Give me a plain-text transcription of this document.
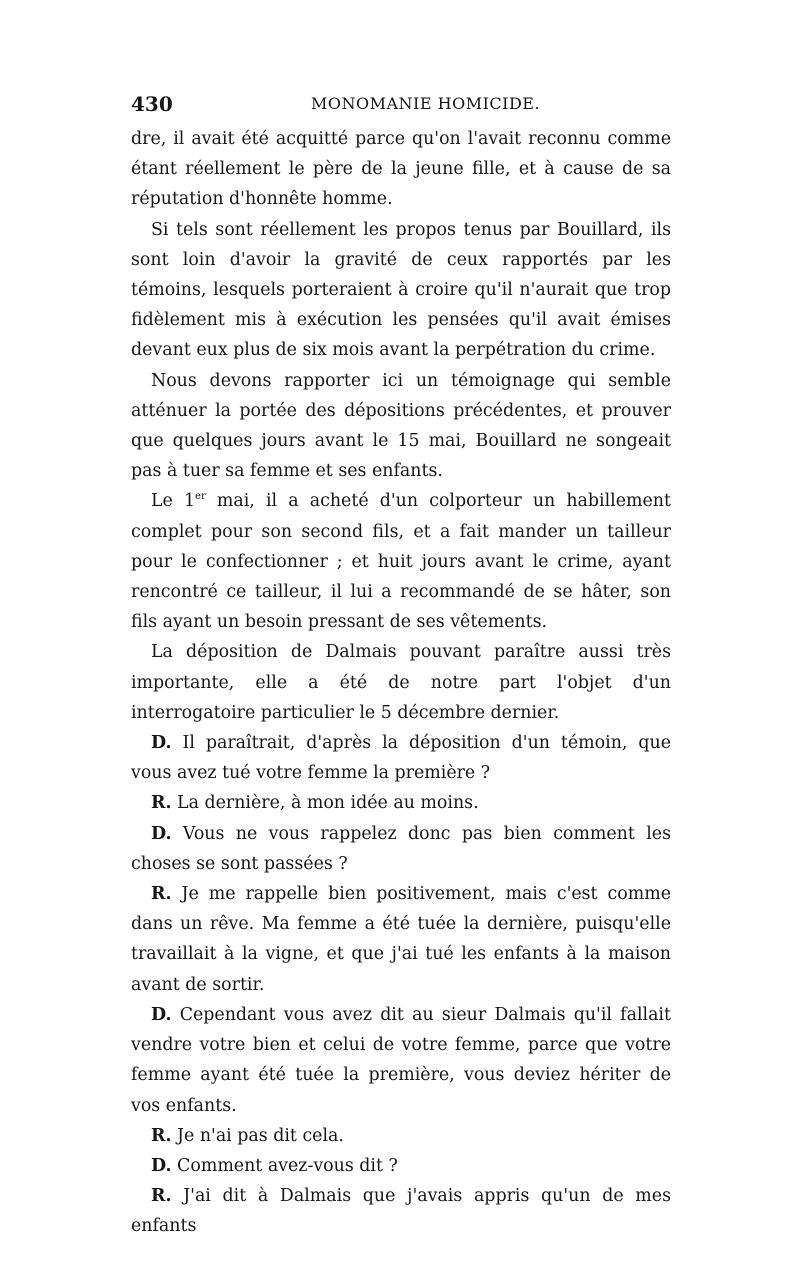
430	MONOMANIE HOMICIDE.

dre, il avait été acquitté parce qu'on l'avait reconnu comme étant réellement le père de la jeune fille, et à cause de sa réputation d'honnête homme.

Si tels sont réellement les propos tenus par Bouillard, ils sont loin d'avoir la gravité de ceux rapportés par les témoins, lesquels porteraient à croire qu'il n'aurait que trop fidèlement mis à exécution les pensées qu'il avait émises devant eux plus de six mois avant la perpétration du crime.

Nous devons rapporter ici un témoignage qui semble atténuer la portée des dépositions précédentes, et prouver que quelques jours avant le 15 mai, Bouillard ne songeait pas à tuer sa femme et ses enfants.

Le 1er mai, il a acheté d'un colporteur un habillement complet pour son second fils, et a fait mander un tailleur pour le confectionner ; et huit jours avant le crime, ayant rencontré ce tailleur, il lui a recommandé de se hâter, son fils ayant un besoin pressant de ses vêtements.

La déposition de Dalmais pouvant paraître aussi très importante, elle a été de notre part l'objet d'un interrogatoire particulier le 5 décembre dernier.

D. Il paraîtrait, d'après la déposition d'un témoin, que vous avez tué votre femme la première ?

R. La dernière, à mon idée au moins.

D. Vous ne vous rappelez donc pas bien comment les choses se sont passées ?

R. Je me rappelle bien positivement, mais c'est comme dans un rêve. Ma femme a été tuée la dernière, puisqu'elle travaillait à la vigne, et que j'ai tué les enfants à la maison avant de sortir.

D. Cependant vous avez dit au sieur Dalmais qu'il fallait vendre votre bien et celui de votre femme, parce que votre femme ayant été tuée la première, vous deviez hériter de vos enfants.

R. Je n'ai pas dit cela.

D. Comment avez-vous dit ?

R. J'ai dit à Dalmais que j'avais appris qu'un de mes enfants
